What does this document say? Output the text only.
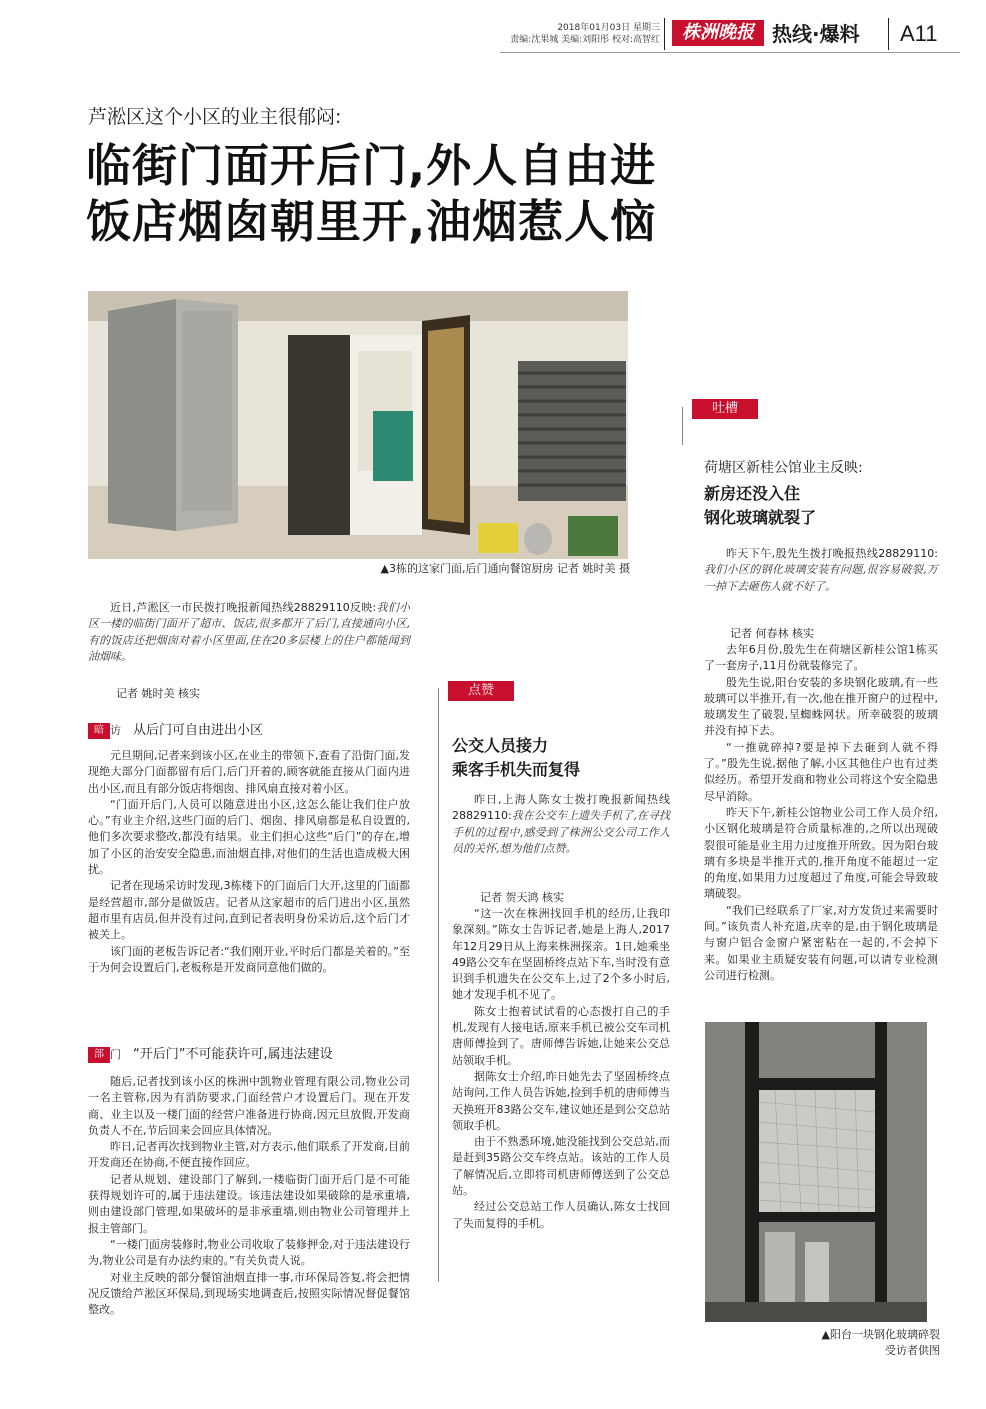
2018年01月03日 星期三
责编:沈果城 美编:刘阳彤 校对:高智红	株洲晚报 热线·爆料 A11
芦淞区这个小区的业主很郁闷:
临街门面开后门,外人自由进
饭店烟囱朝里开,油烟惹人恼
▲3栋的这家门面,后门通向餐馆厨房 记者 姚时美 摄

近日,芦淞区一市民拨打晚报新闻热线28829110反映:我们小区一楼的临街门面开了超市、饭店,很多都开了后门,直接通向小区,有的饭店还把烟囱对着小区里面,住在20多层楼上的住户都能闻到油烟味。

记者 姚时美 核实
暗 访 从后门可自由进出小区

元旦期间,记者来到该小区,在业主的带领下,查看了沿街门面,发现绝大部分门面都留有后门,后门开着的,顾客就能直接从门面内进出小区,而且有部分饭店将烟囱、排风扇直接对着小区。

“门面开后门,人员可以随意进出小区,这怎么能让我们住户放心。”有业主介绍,这些门面的后门、烟囱、排风扇都是私自设置的,他们多次要求整改,都没有结果。业主们担心这些“后门”的存在,增加了小区的治安安全隐患,而油烟直排,对他们的生活也造成极大困扰。

记者在现场采访时发现,3栋楼下的门面后门大开,这里的门面都是经营超市,部分是做饭店。记者从这家超市的后门进出小区,虽然超市里有店员,但并没有过问,直到记者表明身份采访后,这个后门才被关上。

该门面的老板告诉记者:“我们刚开业,平时后门都是关着的。”至于为何会设置后门,老板称是开发商同意他们做的。

部 门 “开后门”不可能获许可,属违法建设

随后,记者找到该小区的株洲中凯物业管理有限公司,物业公司一名主管称,因为有消防要求,门面经营户才设置后门。现在开发商、业主以及一楼门面的经营户准备进行协商,因元旦放假,开发商负责人不在,节后回来会回应具体情况。

昨日,记者再次找到物业主管,对方表示,他们联系了开发商,目前开发商还在协商,不便直接作回应。

记者从规划、建设部门了解到,一楼临街门面开后门是不可能获得规划许可的,属于违法建设。该违法建设如果破除的是承重墙,则由建设部门管理,如果破坏的是非承重墙,则由物业公司管理并上报主管部门。

“一楼门面房装修时,物业公司收取了装修押金,对于违法建设行为,物业公司是有办法约束的。”有关负责人说。

对业主反映的部分餐馆油烟直排一事,市环保局答复,将会把情况反馈给芦淞区环保局,到现场实地调查后,按照实际情况督促餐馆整改。

点赞
公交人员接力
乘客手机失而复得

昨日,上海人陈女士拨打晚报新闻热线28829110:我在公交车上遗失手机了,在寻找手机的过程中,感受到了株洲公交公司工作人员的关怀,想为他们点赞。

记者 贺天鸿 核实

“这一次在株洲找回手机的经历,让我印象深刻。”陈女士告诉记者,她是上海人,2017年12月29日从上海来株洲探亲。1日,她乘坐49路公交车在坚固桥终点站下车,当时没有意识到手机遗失在公交车上,过了2个多小时后,她才发现手机不见了。

陈女士抱着试试看的心态拨打自己的手机,发现有人接电话,原来手机已被公交车司机唐师傅捡到了。唐师傅告诉她,让她来公交总站领取手机。

据陈女士介绍,昨日她先去了坚固桥终点站询问,工作人员告诉她,捡到手机的唐师傅当天换班开83路公交车,建议她还是到公交总站领取手机。

由于不熟悉环境,她没能找到公交总站,而是赶到35路公交车终点站。该站的工作人员了解情况后,立即将司机唐师傅送到了公交总站。

经过公交总站工作人员确认,陈女士找回了失而复得的手机。

吐槽
荷塘区新桂公馆业主反映:
新房还没入住
钢化玻璃就裂了

昨天下午,殷先生拨打晚报热线28829110:我们小区的钢化玻璃安装有问题,很容易破裂,万一掉下去砸伤人就不好了。

记者 何春林 核实

去年6月份,殷先生在荷塘区新桂公馆1栋买了一套房子,11月份就装修完了。

殷先生说,阳台安装的多块钢化玻璃,有一些玻璃可以半推开,有一次,他在推开窗户的过程中,玻璃发生了破裂,呈蜘蛛网状。所幸破裂的玻璃并没有掉下去。

“一推就碎掉?要是掉下去砸到人就不得了。”殷先生说,据他了解,小区其他住户也有过类似经历。希望开发商和物业公司将这个安全隐患尽早消除。

昨天下午,新桂公馆物业公司工作人员介绍,小区钢化玻璃是符合质量标准的,之所以出现破裂很可能是业主用力过度推开所致。因为阳台玻璃有多块是半推开式的,推开角度不能超过一定的角度,如果用力过度超过了角度,可能会导致玻璃破裂。

“我们已经联系了厂家,对方发货过来需要时间。”该负责人补充道,庆幸的是,由于钢化玻璃是与窗户铝合金窗户紧密粘在一起的,不会掉下来。如果业主质疑安装有问题,可以请专业检测公司进行检测。

▲阳台一块钢化玻璃碎裂
受访者供图
